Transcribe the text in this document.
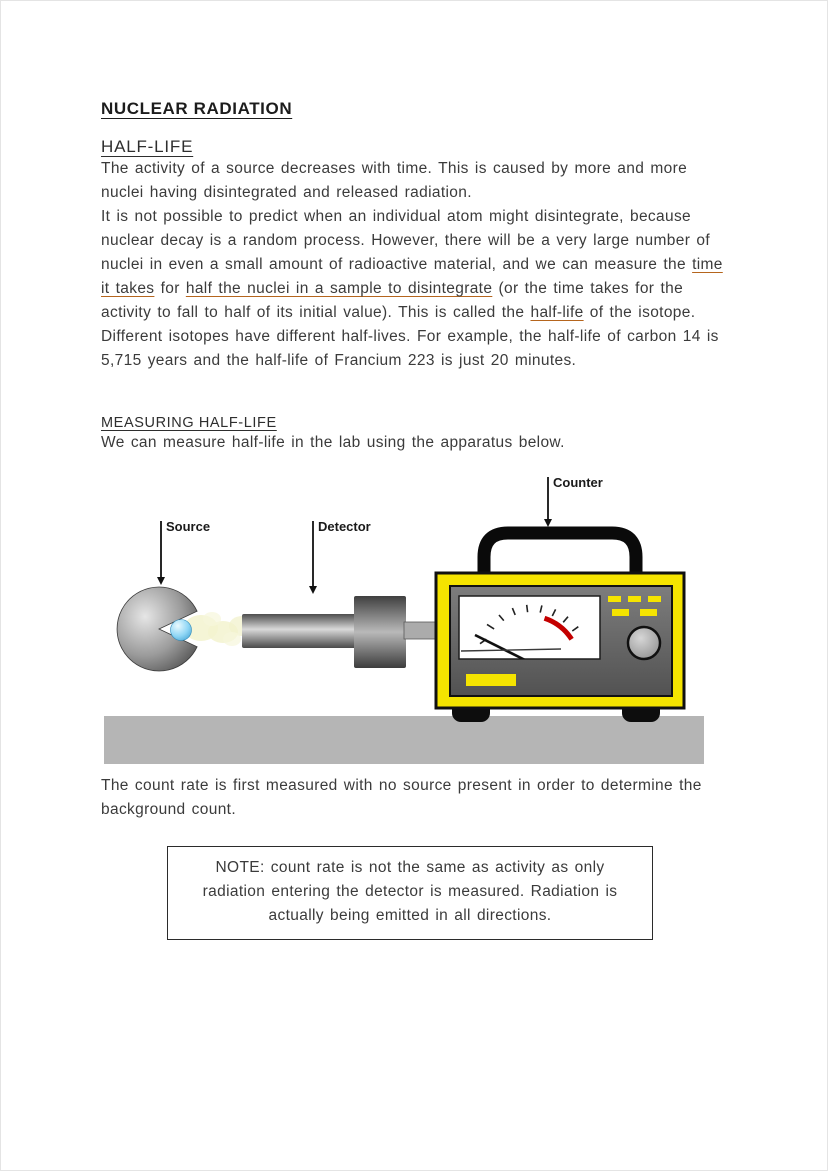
NUCLEAR RADIATION
HALF-LIFE

The activity of a source decreases with time. This is caused by more and more nuclei having disintegrated and released radiation.

It is not possible to predict when an individual atom might disintegrate, because nuclear decay is a random process. However, there will be a very large number of nuclei in even a small amount of radioactive material, and we can measure the time it takes for half the nuclei in a sample to disintegrate (or the time takes for the activity to fall to half of its initial value). This is called the half-life of the isotope.

Different isotopes have different half-lives. For example, the half-life of carbon 14 is 5,715 years and the half-life of Francium 223 is just 20 minutes.

MEASURING HALF-LIFE

We can measure half-life in the lab using the apparatus below.

Source	Detector
Counter

The count rate is first measured with no source present in order to determine the background count.

NOTE: count rate is not the same as activity as only radiation entering the detector is measured. Radiation is actually being emitted in all directions.
